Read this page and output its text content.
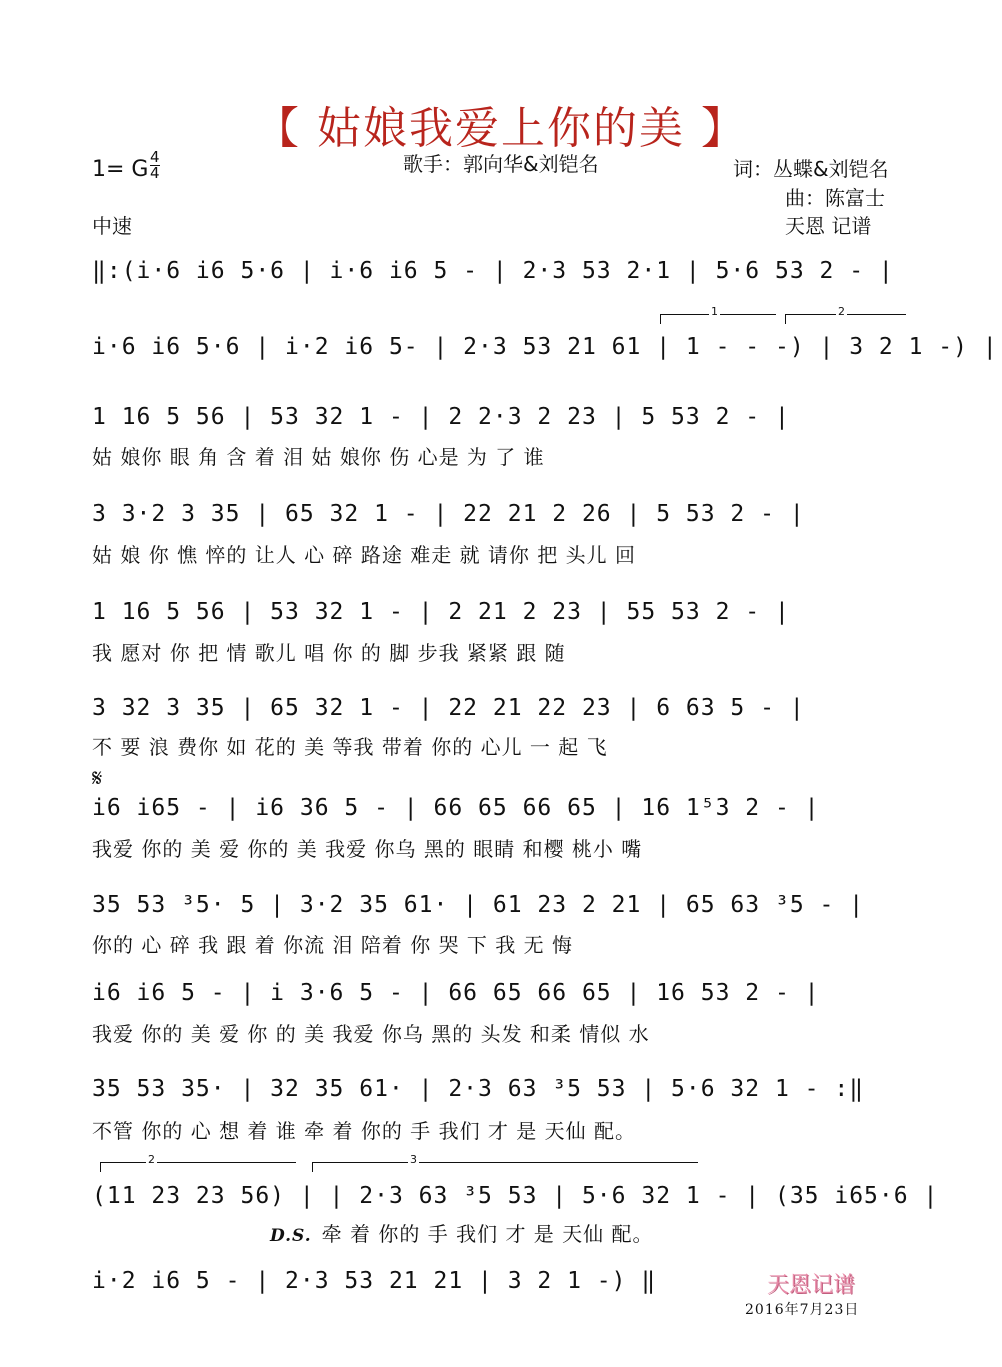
【 姑娘我爱上你的美 】
1= G 4
4
中速
歌手：郭向华&刘铠名	词：丛蝶&刘铠名
曲：陈富士
天恩 记谱
1	2
‖:(i·6 i6 5·6 | i·6 i6 5 - | 2·3 53 2·1 | 5·6 53 2 - |
i·6 i6 5·6 | i·2 i6 5- | 2·3 53 21 61 | 1 - - -) | 3 2 1 -) |
1 16 5 56 | 53 32 1 - | 2 2·3 2 23 | 5 53 2 - |
姑 娘你 眼 角 含 着 泪 姑 娘你 伤 心是 为 了 谁
3 3·2 3 35 | 65 32 1 - | 22 21 2 26 | 5 53 2 - |
姑 娘 你 憔 悴的 让人 心 碎 路途 难走 就 请你 把 头儿 回
1 16 5 56 | 53 32 1 - | 2 21 2 23 | 55 53 2 - |
我 愿对 你 把 情 歌儿 唱 你 的 脚 步我 紧紧 跟 随
3 32 3 35 | 65 32 1 - | 22 21 22 23 | 6 63 5 - |
不 要 浪 费你 如 花的 美 等我 带着 你的 心儿 一 起 飞
𝄋
i6 i65 - | i6 36 5 - | 66 65 66 65 | 16 1⁵3 2 - |
我爱 你的 美 爱 你的 美 我爱 你乌 黑的 眼睛 和樱 桃小 嘴
35 53 ³5· 5 | 3·2 35 61· | 61 23 2 21 | 65 63 ³5 - |
你的 心 碎 我 跟 着 你流 泪 陪着 你 哭 下 我 无 悔
i6 i6 5 - | i 3·6 5 - | 66 65 66 65 | 16 53 2 - |
我爱 你的 美 爱 你 的 美 我爱 你乌 黑的 头发 和柔 情似 水
35 53 35· | 32 35 61· | 2·3 63 ³5 53 | 5·6 32 1 - :‖
不管 你的 心 想 着 谁 牵 着 你的 手 我们 才 是 天仙 配。
2	3
(11 23 23 56) | | 2·3 63 ³5 53 | 5·6 32 1 - | (35 i65·6 |
D.S. 牵 着 你的 手 我们 才 是 天仙 配。
i·2 i6 5 - | 2·3 53 21 21 | 3 2 1 -) ‖	天恩记谱
2016年7月23日
